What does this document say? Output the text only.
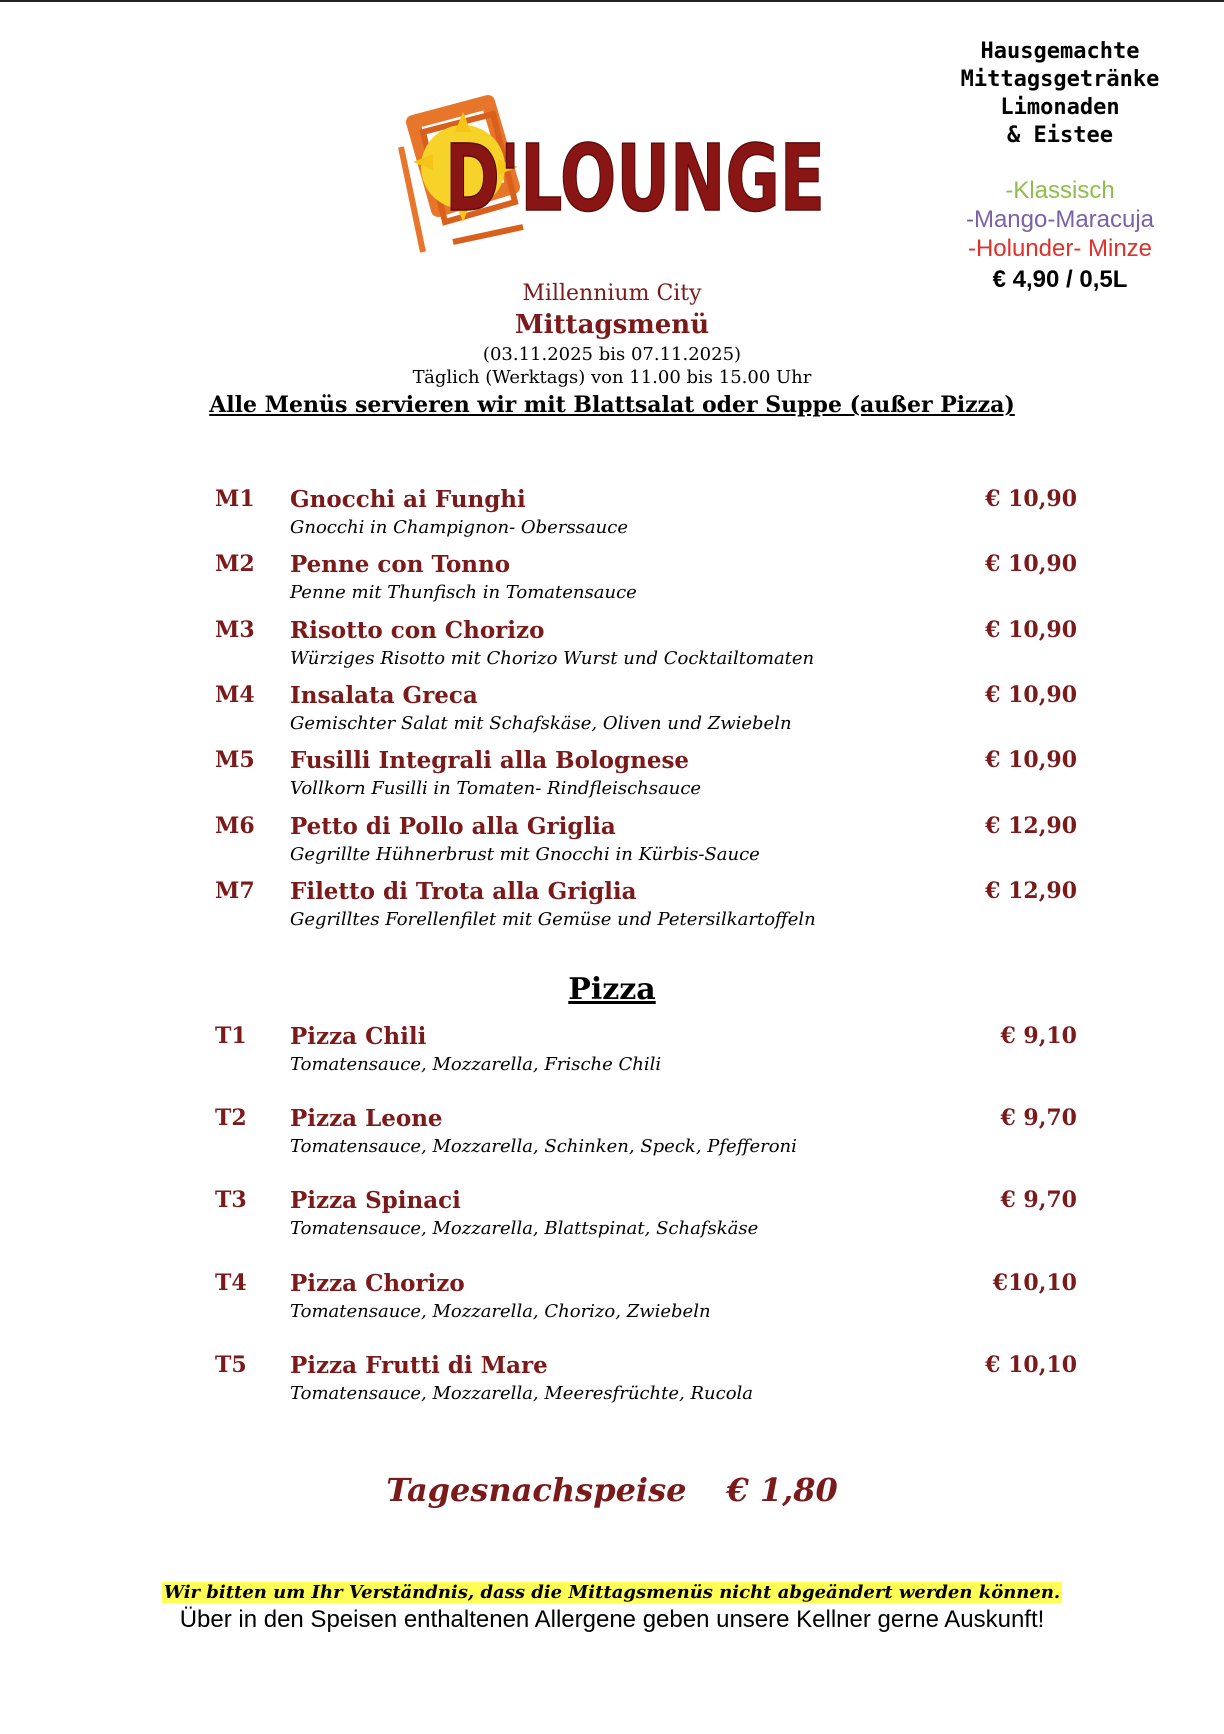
D'LOUNGE
Hausgemachte
Mittagsgetränke
Limonaden
& Eistee
-Klassisch
-Mango-Maracuja
-Holunder- Minze
€ 4,90 / 0,5L
Millennium City
Mittagsmenü
(03.11.2025 bis 07.11.2025)
Täglich (Werktags) von 11.00 bis 15.00 Uhr
Alle Menüs servieren wir mit Blattsalat oder Suppe (außer Pizza)
M1 Gnocchi ai Funghi
Gnocchi in Champignon- Oberssauce
€ 10,90
M2 Penne con Tonno
Penne mit Thunfisch in Tomatensauce
€ 10,90
M3 Risotto con Chorizo
Würziges Risotto mit Chorizo Wurst und Cocktailtomaten
€ 10,90
M4 Insalata Greca
Gemischter Salat mit Schafskäse, Oliven und Zwiebeln
€ 10,90
M5 Fusilli Integrali alla Bolognese
Vollkorn Fusilli in Tomaten- Rindfleischsauce
€ 10,90
M6 Petto di Pollo alla Griglia
Gegrillte Hühnerbrust mit Gnocchi in Kürbis-Sauce
€ 12,90
M7 Filetto di Trota alla Griglia
Gegrilltes Forellenfilet mit Gemüse und Petersilkartoffeln
€ 12,90
Pizza
T1 Pizza Chili
Tomatensauce, Mozzarella, Frische Chili
€ 9,10
T2 Pizza Leone
Tomatensauce, Mozzarella, Schinken, Speck, Pfefferoni
€ 9,70
T3 Pizza Spinaci
Tomatensauce, Mozzarella, Blattspinat, Schafskäse
€ 9,70
T4 Pizza Chorizo
Tomatensauce, Mozzarella, Chorizo, Zwiebeln
€10,10
T5 Pizza Frutti di Mare
Tomatensauce, Mozzarella, Meeresfrüchte, Rucola
€ 10,10
Tagesnachspeise € 1,80
Wir bitten um Ihr Verständnis, dass die Mittagsmenüs nicht abgeändert werden können.
Über in den Speisen enthaltenen Allergene geben unsere Kellner gerne Auskunft!
